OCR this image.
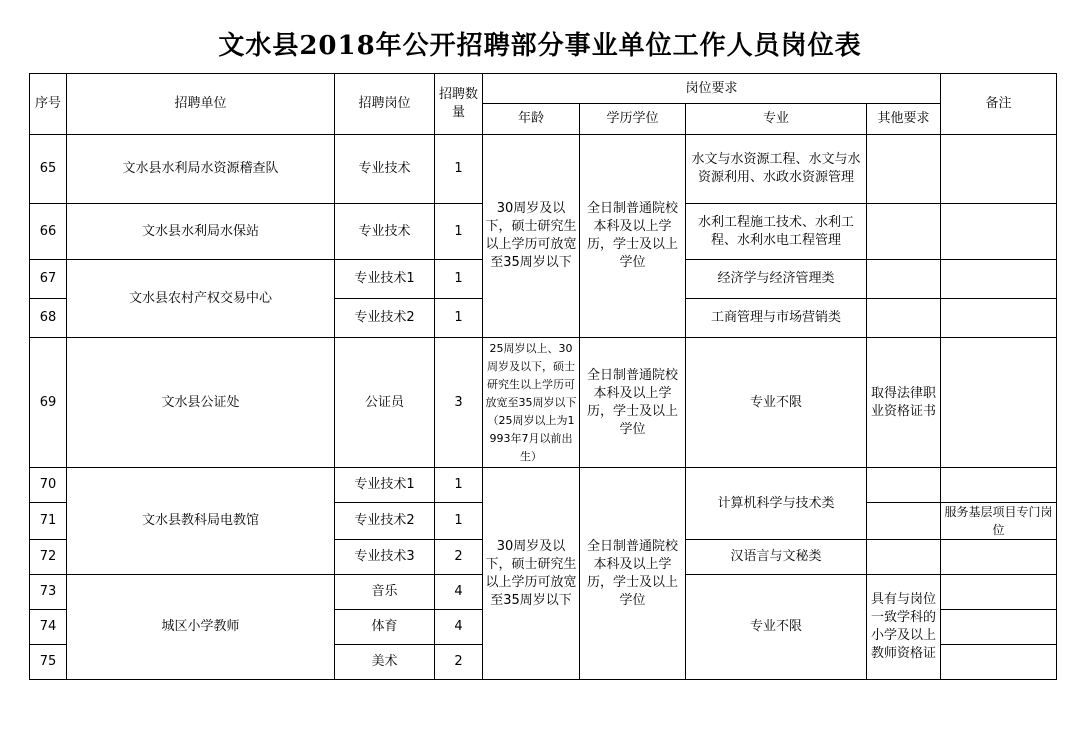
文水县2018年公开招聘部分事业单位工作人员岗位表
序号	招聘单位	招聘岗位	招聘数量	岗位要求				备注
				年龄	学历学位	专业	其他要求	
65	文水县水利局水资源稽查队	专业技术	1	30周岁及以下，硕士研究生以上学历可放宽至35周岁以下	全日制普通院校本科及以上学历，学士及以上学位	水文与水资源工程、水文与水资源利用、水政水资源管理		
66	文水县水利局水保站	专业技术	1			水利工程施工技术、水利工程、水利水电工程管理		
67	文水县农村产权交易中心	专业技术1	1			经济学与经济管理类		
68		专业技术2	1			工商管理与市场营销类		
69	文水县公证处	公证员	3	25周岁以上、30周岁及以下，硕士研究生以上学历可放宽至35周岁以下（25周岁以上为1993年7月以前出生）	全日制普通院校本科及以上学历，学士及以上学位	专业不限	取得法律职业资格证书	
70	文水县教科局电教馆	专业技术1	1	30周岁及以下，硕士研究生以上学历可放宽至35周岁以下	全日制普通院校本科及以上学历，学士及以上学位	计算机科学与技术类		
71		专业技术2	1					服务基层项目专门岗位
72		专业技术3	2			汉语言与文秘类		
73	城区小学教师	音乐	4			专业不限	具有与岗位一致学科的小学及以上教师资格证	
74		体育	4					
75		美术	2					
